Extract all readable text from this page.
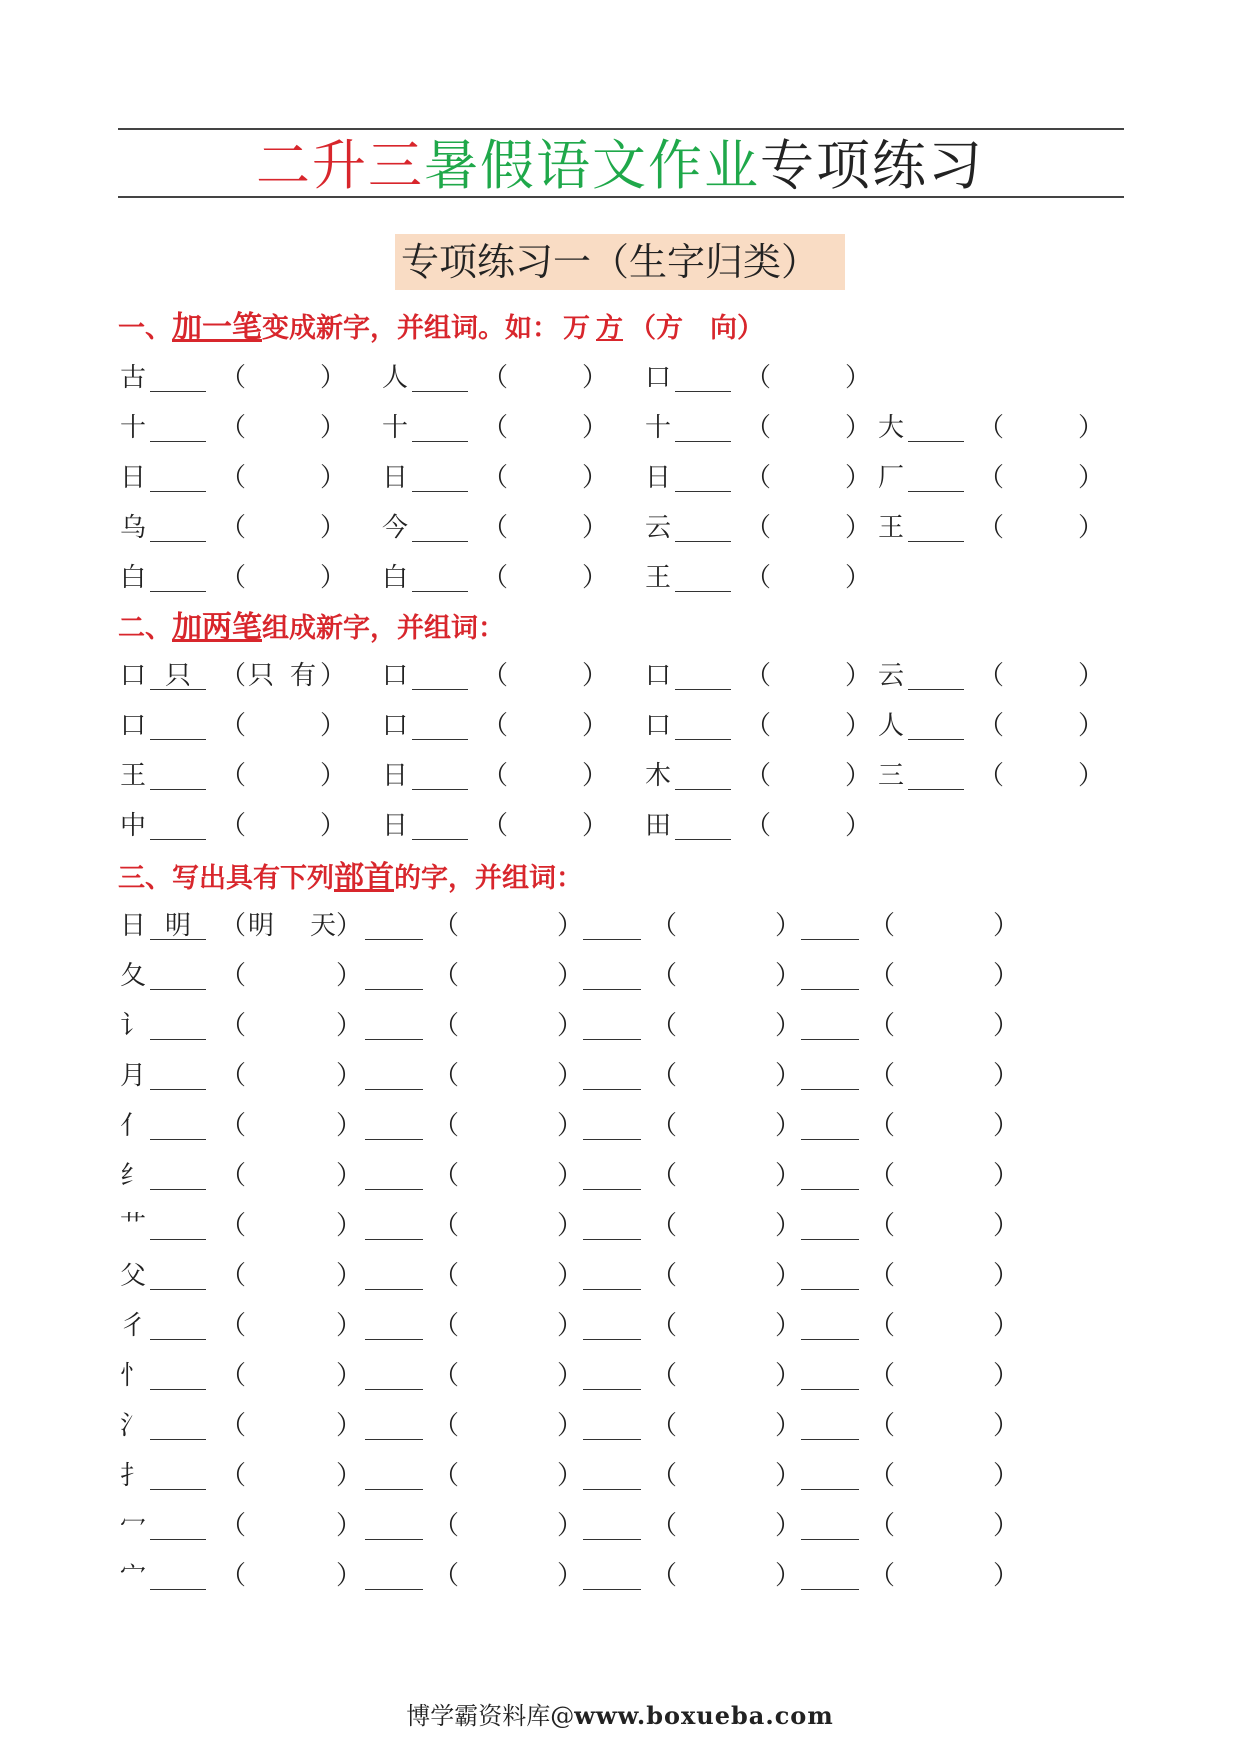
二升三暑假语文作业专项练习
专项练习一（生字归类）
一、加一笔变成新字，并组词。如： 万 方 （方　向）
古	（	） 人	（	） 口	（	）
十	（	） 十	（	） 十	（	） 大	（	）
日	（	） 日	（	） 日	（	） 厂	（	）
乌	（	） 今	（	） 云	（	） 王	（	）
白	（	） 白	（	） 王	（	）
二、加两笔组成新字，并组词：
口 只	（ 只 有 ） 口	（	） 口	（	） 云	（	）
口	（	） 口	（	） 口	（	） 人	（	）
王	（	） 日	（	） 木	（	） 三	（	）
中	（	） 日	（	） 田	（	）
三、写出具有下列部首的字，并组词：
日 明	（ 明 天 ）	（	）	（	）	（	）
夂	（	）	（	）	（	）	（	）
讠	（	）	（	）	（	）	（	）
月	（	）	（	）	（	）	（	）
亻	（	）	（	）	（	）	（	）
纟	（	）	（	）	（	）	（	）
艹	（	）	（	）	（	）	（	）
父	（	）	（	）	（	）	（	）
彳	（	）	（	）	（	）	（	）
忄	（	）	（	）	（	）	（	）
氵	（	）	（	）	（	）	（	）
扌	（	）	（	）	（	）	（	）
冖	（	）	（	）	（	）	（	）
宀	（	）	（	）	（	）	（	）
博学霸资料库@www.boxueba.com
